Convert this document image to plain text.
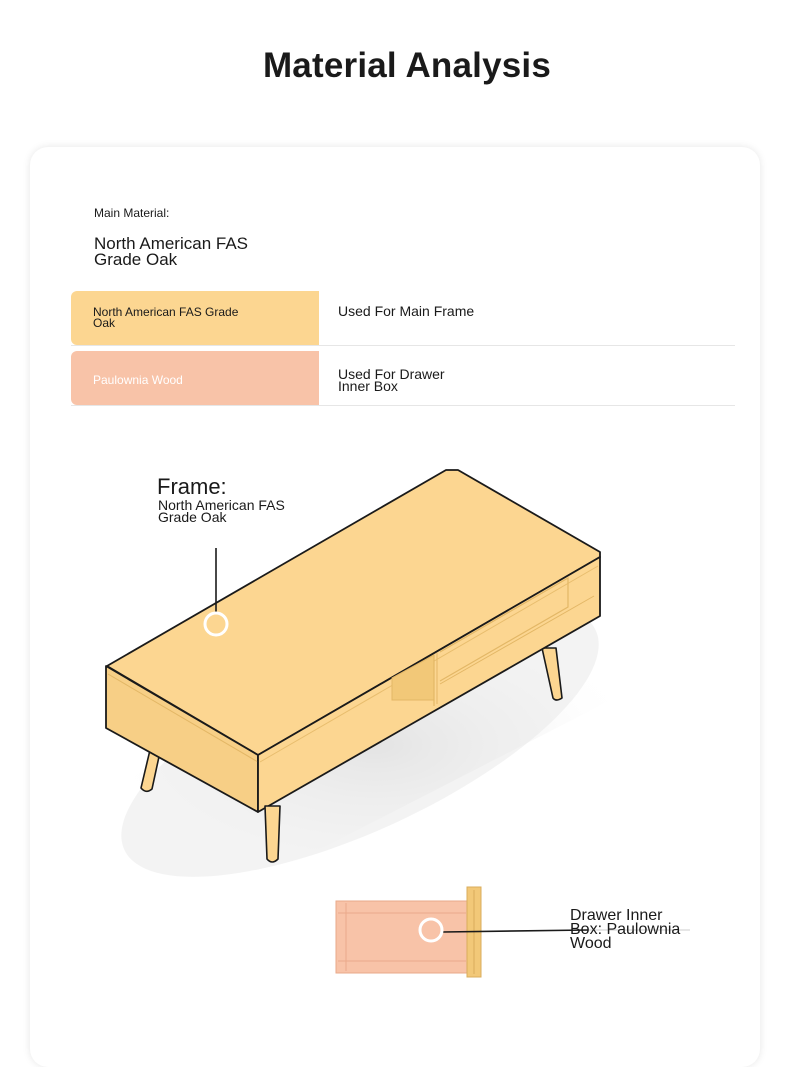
Material Analysis
Main Material:
North American FAS Grade Oak
North American FAS Grade Oak
Used For Main Frame
Paulownia Wood	Used For Drawer Inner Box
Frame:
North American FAS Grade Oak
Drawer Inner Box: Paulownia Wood
